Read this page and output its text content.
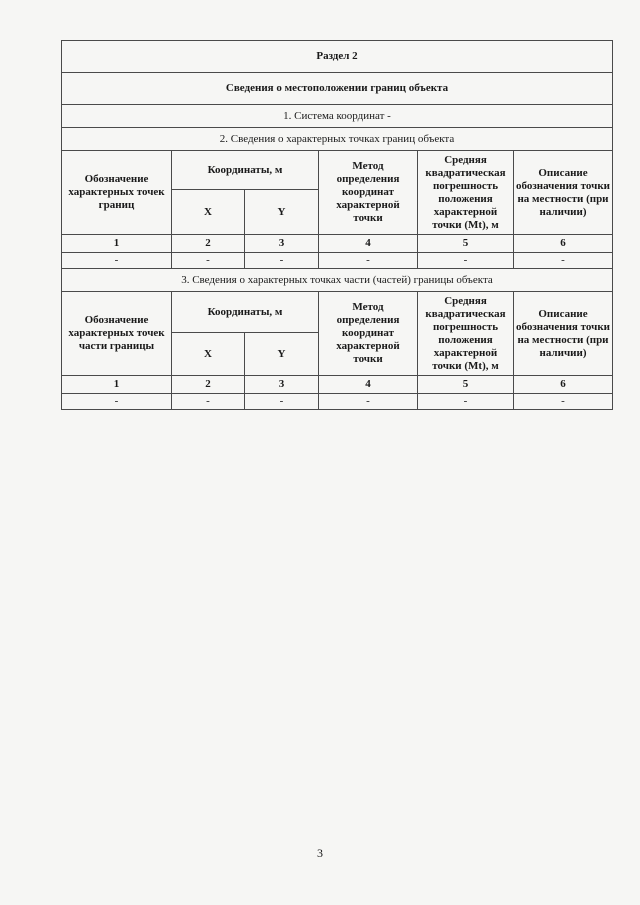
Раздел 2					
Сведения о местоположении границ объекта					
1. Система координат -					
2. Сведения о характерных точках границ объекта					
Обозначение характерных точек границ	Координаты, м		Метод определения координат характерной точки	Средняя квадратическая погрешность положения характерной точки (Mt), м	Описание обозначения точки на местности (при наличии)
	X	Y			
1	2	3	4	5	6
-	-	-	-	-	-
3. Сведения о характерных точках части (частей) границы объекта					
Обозначение характерных точек части границы	Координаты, м		Метод определения координат характерной точки	Средняя квадратическая погрешность положения характерной точки (Mt), м	Описание обозначения точки на местности (при наличии)
	X	Y			
1	2	3	4	5	6
-	-	-	-	-	-
3
